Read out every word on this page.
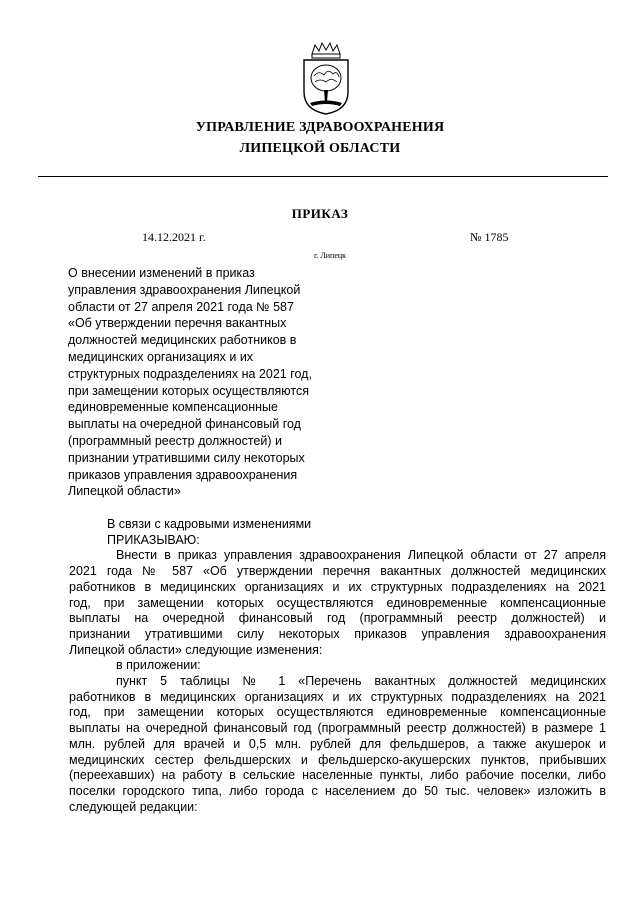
УПРАВЛЕНИЕ ЗДРАВООХРАНЕНИЯ
ЛИПЕЦКОЙ ОБЛАСТИ
ПРИКАЗ
14.12.2021 г.	№ 1785
г. Липецк
О внесении изменений в приказ
управления здравоохранения Липецкой
области от 27 апреля 2021 года № 587
«Об утверждении перечня вакантных
должностей медицинских работников в
медицинских организациях и их
структурных подразделениях на 2021 год,
при замещении которых осуществляются
единовременные компенсационные
выплаты на очередной финансовый год
(программный реестр должностей) и
признании утратившими силу некоторых
приказов управления здравоохранения
Липецкой области»
В связи с кадровыми изменениями
ПРИКАЗЫВАЮ:
Внести в приказ управления здравоохранения Липецкой области от 27 апреля
2021 года № 587 «Об утверждении перечня вакантных должностей медицинских
работников в медицинских организациях и их структурных подразделениях на 2021
год, при замещении которых осуществляются единовременные компенсационные
выплаты на очередной финансовый год (программный реестр должностей) и
признании утратившими силу некоторых приказов управления здравоохранения
Липецкой области» следующие изменения:
в приложении:
пункт 5 таблицы № 1 «Перечень вакантных должностей медицинских
работников в медицинских организациях и их структурных подразделениях на 2021
год, при замещении которых осуществляются единовременные компенсационные
выплаты на очередной финансовый год (программный реестр должностей) в размере 1
млн. рублей для врачей и 0,5 млн. рублей для фельдшеров, а также акушерок и
медицинских сестер фельдшерских и фельдшерско-акушерских пунктов, прибывших
(переехавших) на работу в сельские населенные пункты, либо рабочие поселки, либо
поселки городского типа, либо города с населением до 50 тыс. человек» изложить в
следующей редакции:
